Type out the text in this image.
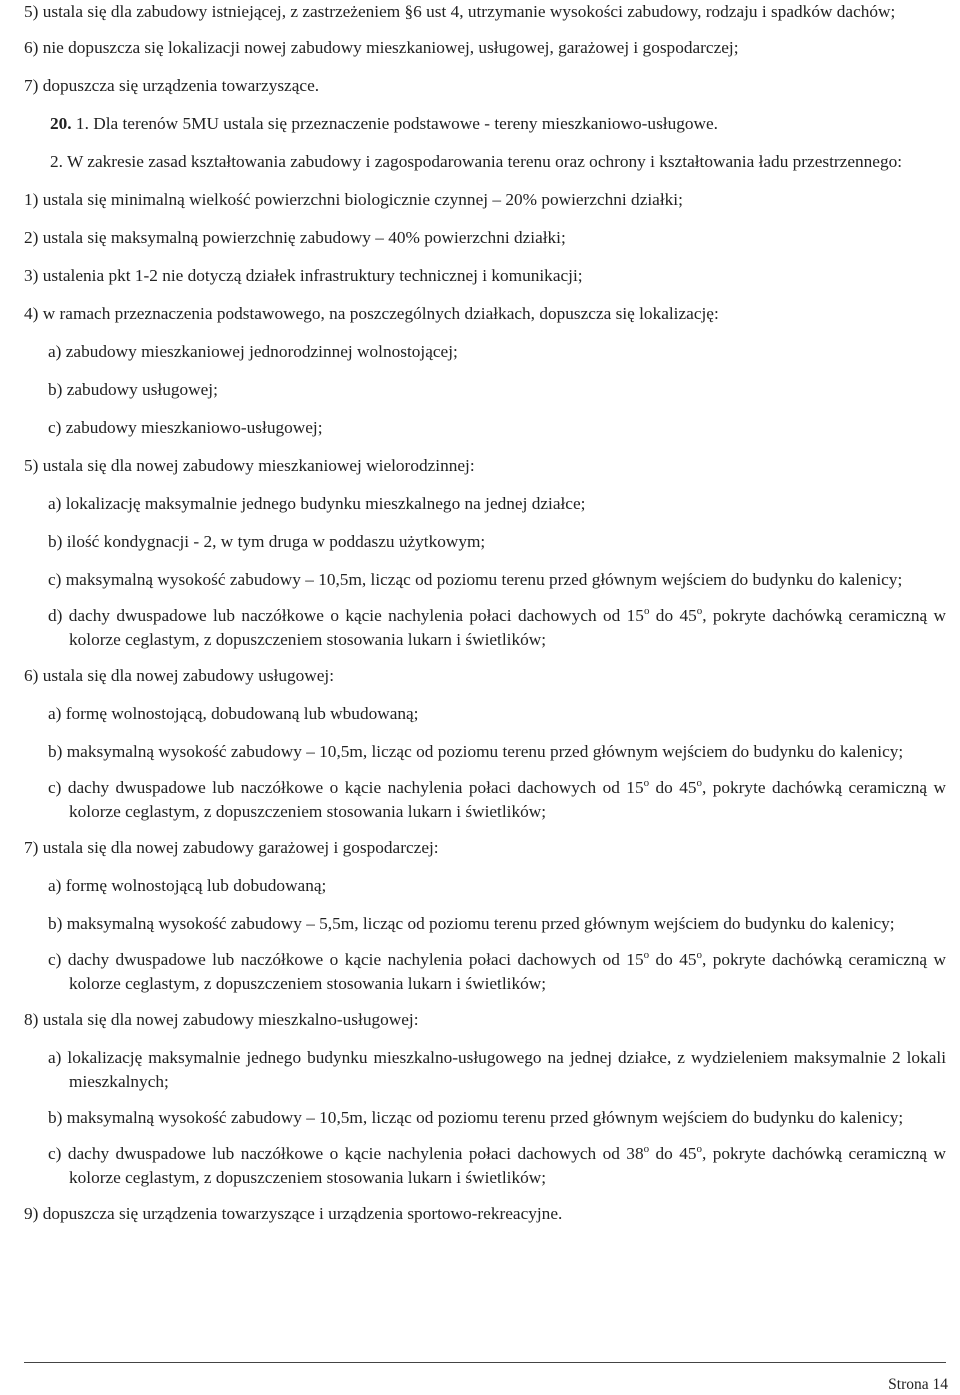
5) ustala się dla zabudowy istniejącej, z zastrzeżeniem §6 ust 4, utrzymanie wysokości zabudowy, rodzaju i spadków dachów;

6) nie dopuszcza się lokalizacji nowej zabudowy mieszkaniowej, usługowej, garażowej i gospodarczej;

7) dopuszcza się urządzenia towarzyszące.

20. 1. Dla terenów 5MU ustala się przeznaczenie podstawowe - tereny mieszkaniowo-usługowe.

2. W zakresie zasad kształtowania zabudowy i zagospodarowania terenu oraz ochrony i kształtowania ładu przestrzennego:

1) ustala się minimalną wielkość powierzchni biologicznie czynnej – 20% powierzchni działki;

2) ustala się maksymalną powierzchnię zabudowy – 40% powierzchni działki;

3) ustalenia pkt 1-2 nie dotyczą działek infrastruktury technicznej i komunikacji;

4) w ramach przeznaczenia podstawowego, na poszczególnych działkach, dopuszcza się lokalizację:

a) zabudowy mieszkaniowej jednorodzinnej wolnostojącej;

b) zabudowy usługowej;

c) zabudowy mieszkaniowo-usługowej;

5) ustala się dla nowej zabudowy mieszkaniowej wielorodzinnej:

a) lokalizację maksymalnie jednego budynku mieszkalnego na jednej działce;

b) ilość kondygnacji - 2, w tym druga w poddaszu użytkowym;

c) maksymalną wysokość zabudowy – 10,5m, licząc od poziomu terenu przed głównym wejściem do budynku do kalenicy;

d) dachy dwuspadowe lub naczółkowe o kącie nachylenia połaci dachowych od 15$^o$ do 45$^o$, pokryte dachówką ceramiczną w kolorze ceglastym, z dopuszczeniem stosowania lukarn i świetlików;

6) ustala się dla nowej zabudowy usługowej:

a) formę wolnostojącą, dobudowaną lub wbudowaną;

b) maksymalną wysokość zabudowy – 10,5m, licząc od poziomu terenu przed głównym wejściem do budynku do kalenicy;

c) dachy dwuspadowe lub naczółkowe o kącie nachylenia połaci dachowych od 15$^o$ do 45$^o$, pokryte dachówką ceramiczną w kolorze ceglastym, z dopuszczeniem stosowania lukarn i świetlików;

7) ustala się dla nowej zabudowy garażowej i gospodarczej:

a) formę wolnostojącą lub dobudowaną;

b) maksymalną wysokość zabudowy – 5,5m, licząc od poziomu terenu przed głównym wejściem do budynku do kalenicy;

c) dachy dwuspadowe lub naczółkowe o kącie nachylenia połaci dachowych od 15$^o$ do 45$^o$, pokryte dachówką ceramiczną w kolorze ceglastym, z dopuszczeniem stosowania lukarn i świetlików;

8) ustala się dla nowej zabudowy mieszkalno-usługowej:

a) lokalizację maksymalnie jednego budynku mieszkalno-usługowego na jednej działce, z wydzieleniem maksymalnie 2 lokali mieszkalnych;

b) maksymalną wysokość zabudowy – 10,5m, licząc od poziomu terenu przed głównym wejściem do budynku do kalenicy;

c) dachy dwuspadowe lub naczółkowe o kącie nachylenia połaci dachowych od 38$^o$ do 45$^o$, pokryte dachówką ceramiczną w kolorze ceglastym, z dopuszczeniem stosowania lukarn i świetlików;

9) dopuszcza się urządzenia towarzyszące i urządzenia sportowo-rekreacyjne.

Strona 14
